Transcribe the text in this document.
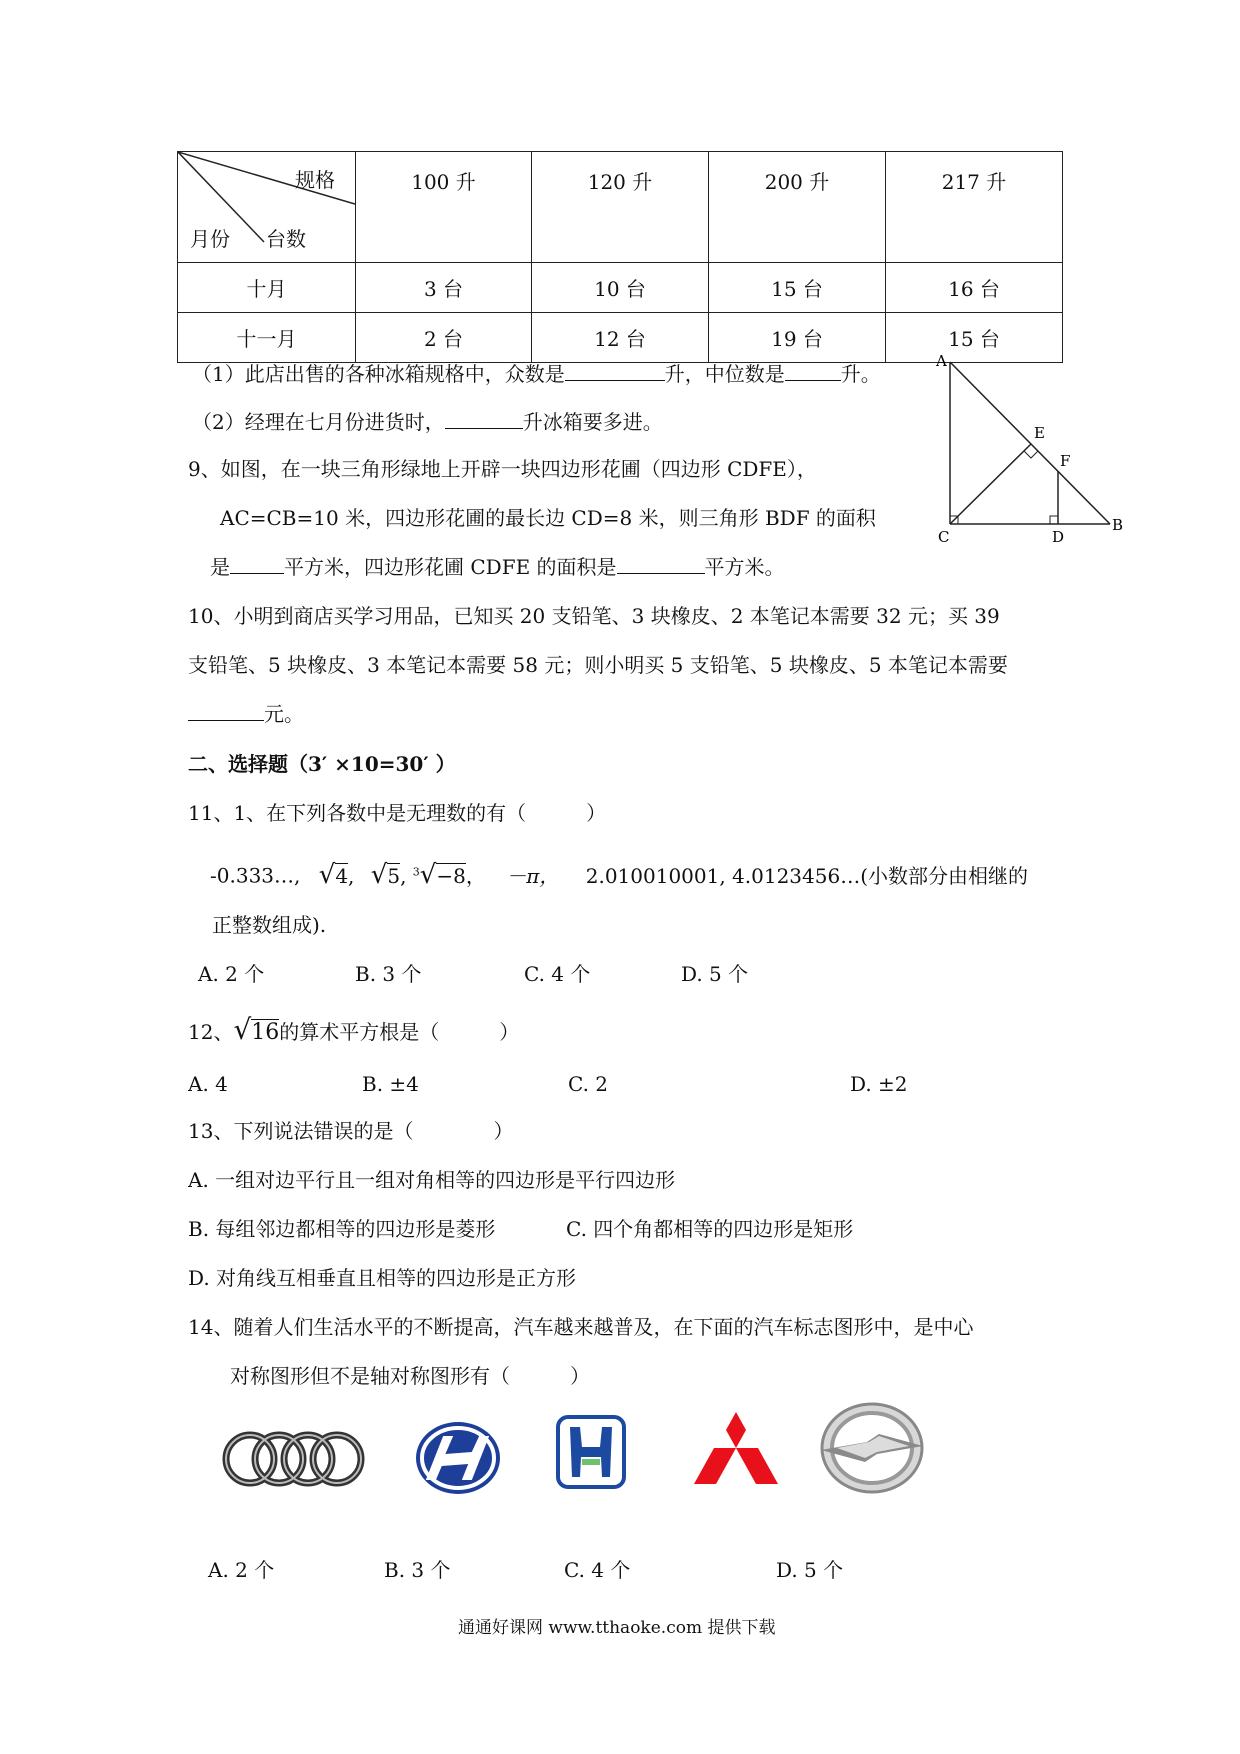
规格
月份 台数	100 升	120 升	200 升	217 升
十月	3 台	10 台	15 台	16 台
十一月	2 台	12 台	19 台	15 台
（1）此店出售的各种冰箱规格中，众数是	升，中位数是	升。
（2）经理在七月份进货时，	升冰箱要多进。
A
E
F
C	D
B
9、如图，在一块三角形绿地上开辟一块四边形花圃（四边形 CDFE），
AC=CB=10 米，四边形花圃的最长边 CD=8 米，则三角形 BDF 的面积
是	平方米，四边形花圃 CDFE 的面积是	平方米。
10、小明到商店买学习用品，已知买 20 支铅笔、3 块橡皮、2 本笔记本需要 32 元；买 39
支铅笔、5 块橡皮、3 本笔记本需要 58 元；则小明买 5 支铅笔、5 块橡皮、5 本笔记本需要
元。
二、选择题（3′ ×10=30′ ）
11、1、在下列各数中是无理数的有（　　　）
-0.333…, √4, √5, $^3$√−8， －π， 2.010010001, 4.0123456…(小数部分由相继的
正整数组成).
A. 2 个	B. 3 个	C. 4 个	D. 5 个
12、√16的算术平方根是（　　　）
A. 4	B. ±4	C. 2	D. ±2
13、下列说法错误的是（　　　　）
A. 一组对边平行且一组对角相等的四边形是平行四边形
B. 每组邻边都相等的四边形是菱形	C. 四个角都相等的四边形是矩形
D. 对角线互相垂直且相等的四边形是正方形
14、随着人们生活水平的不断提高，汽车越来越普及，在下面的汽车标志图形中，是中心
对称图形但不是轴对称图形有（　　　）
A. 2 个	B. 3 个	C. 4 个	D. 5 个
通通好课网 www.tthaoke.com 提供下载
